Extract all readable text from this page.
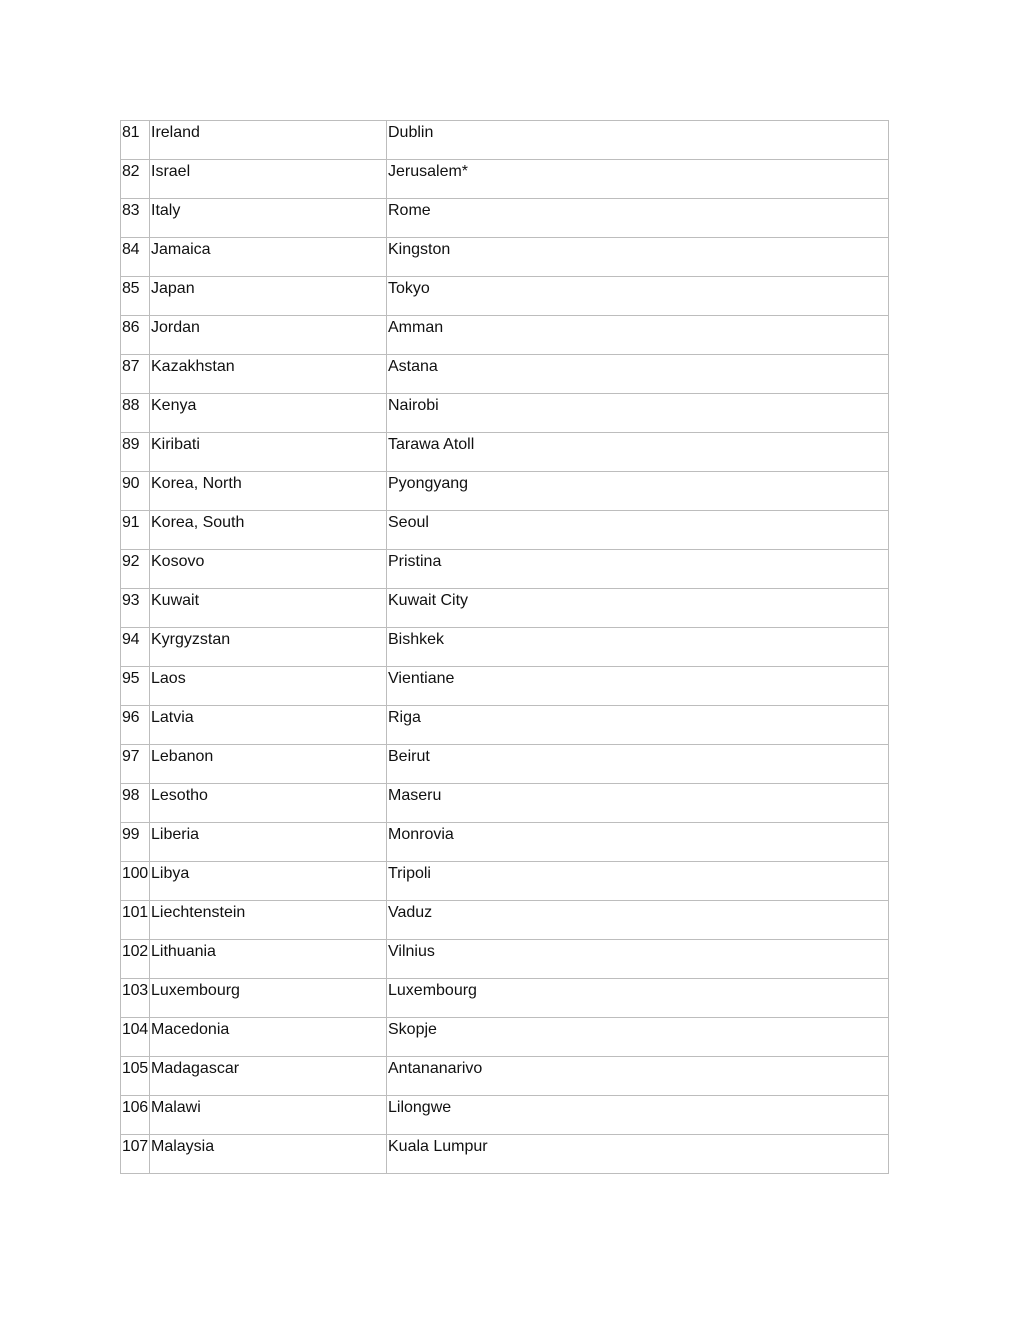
81	Ireland	Dublin

82	Israel	Jerusalem*

83	Italy	Rome

84	Jamaica	Kingston

85	Japan	Tokyo

86	Jordan	Amman

87	Kazakhstan	Astana

88	Kenya	Nairobi

89	Kiribati	Tarawa Atoll

90	Korea, North	Pyongyang

91	Korea, South	Seoul

92	Kosovo	Pristina

93	Kuwait	Kuwait City

94	Kyrgyzstan	Bishkek

95	Laos	Vientiane

96	Latvia	Riga

97	Lebanon	Beirut

98	Lesotho	Maseru

99	Liberia	Monrovia

100	Libya	Tripoli

101	Liechtenstein	Vaduz

102	Lithuania	Vilnius

103	Luxembourg	Luxembourg

104	Macedonia	Skopje

105	Madagascar	Antananarivo

106	Malawi	Lilongwe

107	Malaysia	Kuala Lumpur
